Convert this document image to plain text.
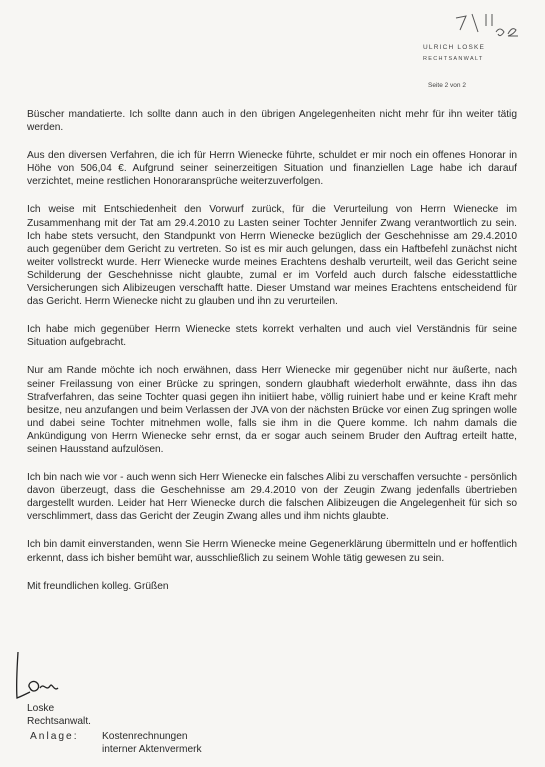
ULRICH LOSKE
RECHTSANWALT
Seite 2 von 2

Büscher mandatierte. Ich sollte dann auch in den übrigen Angelegenheiten nicht mehr für ihn weiter tätig werden.

Aus den diversen Verfahren, die ich für Herrn Wienecke führte, schuldet er mir noch ein offenes Honorar in Höhe von 506,04 €. Aufgrund seiner seinerzeitigen Situation und finanziellen Lage habe ich darauf verzichtet, meine restlichen Honoraransprüche weiterzuverfolgen.

Ich weise mit Entschiedenheit den Vorwurf zurück, für die Verurteilung von Herrn Wienecke im Zusammenhang mit der Tat am 29.4.2010 zu Lasten seiner Tochter Jennifer Zwang verantwortlich zu sein. Ich habe stets versucht, den Standpunkt von Herrn Wienecke bezüglich der Geschehnisse am 29.4.2010 auch gegenüber dem Gericht zu vertreten. So ist es mir auch gelungen, dass ein Haftbefehl zunächst nicht weiter vollstreckt wurde. Herr Wienecke wurde meines Erachtens deshalb verurteilt, weil das Gericht seine Schilderung der Geschehnisse nicht glaubte, zumal er im Vorfeld auch durch falsche eidesstattliche Versicherungen sich Alibizeugen verschafft hatte. Dieser Umstand war meines Erachtens entscheidend für das Gericht. Herrn Wienecke nicht zu glauben und ihn zu verurteilen.

Ich habe mich gegenüber Herrn Wienecke stets korrekt verhalten und auch viel Verständnis für seine Situation aufgebracht.

Nur am Rande möchte ich noch erwähnen, dass Herr Wienecke mir gegenüber nicht nur äußerte, nach seiner Freilassung von einer Brücke zu springen, sondern glaubhaft wiederholt erwähnte, dass ihn das Strafverfahren, das seine Tochter quasi gegen ihn initiiert habe, völlig ruiniert habe und er keine Kraft mehr besitze, neu anzufangen und beim Verlassen der JVA von der nächsten Brücke vor einen Zug springen wolle und dabei seine Tochter mitnehmen wolle, falls sie ihm in die Quere komme. Ich nahm damals die Ankündigung von Herrn Wienecke sehr ernst, da er sogar auch seinem Bruder den Auftrag erteilt hatte, seinen Hausstand aufzulösen.

Ich bin nach wie vor - auch wenn sich Herr Wienecke ein falsches Alibi zu verschaffen versuchte - persönlich davon überzeugt, dass die Geschehnisse am 29.4.2010 von der Zeugin Zwang jedenfalls übertrieben dargestellt wurden. Leider hat Herr Wienecke durch die falschen Alibizeugen die Angelegenheit für sich so verschlimmert, dass das Gericht der Zeugin Zwang alles und ihm nichts glaubte.

Ich bin damit einverstanden, wenn Sie Herrn Wienecke meine Gegenerklärung übermitteln und er hoffentlich erkennt, dass ich bisher bemüht war, ausschließlich zu seinem Wohle tätig gewesen zu sein.

Mit freundlichen kolleg. Grüßen

Loske
Rechtsanwalt.
Anlage: Kostenrechnungen
interner Aktenvermerk
